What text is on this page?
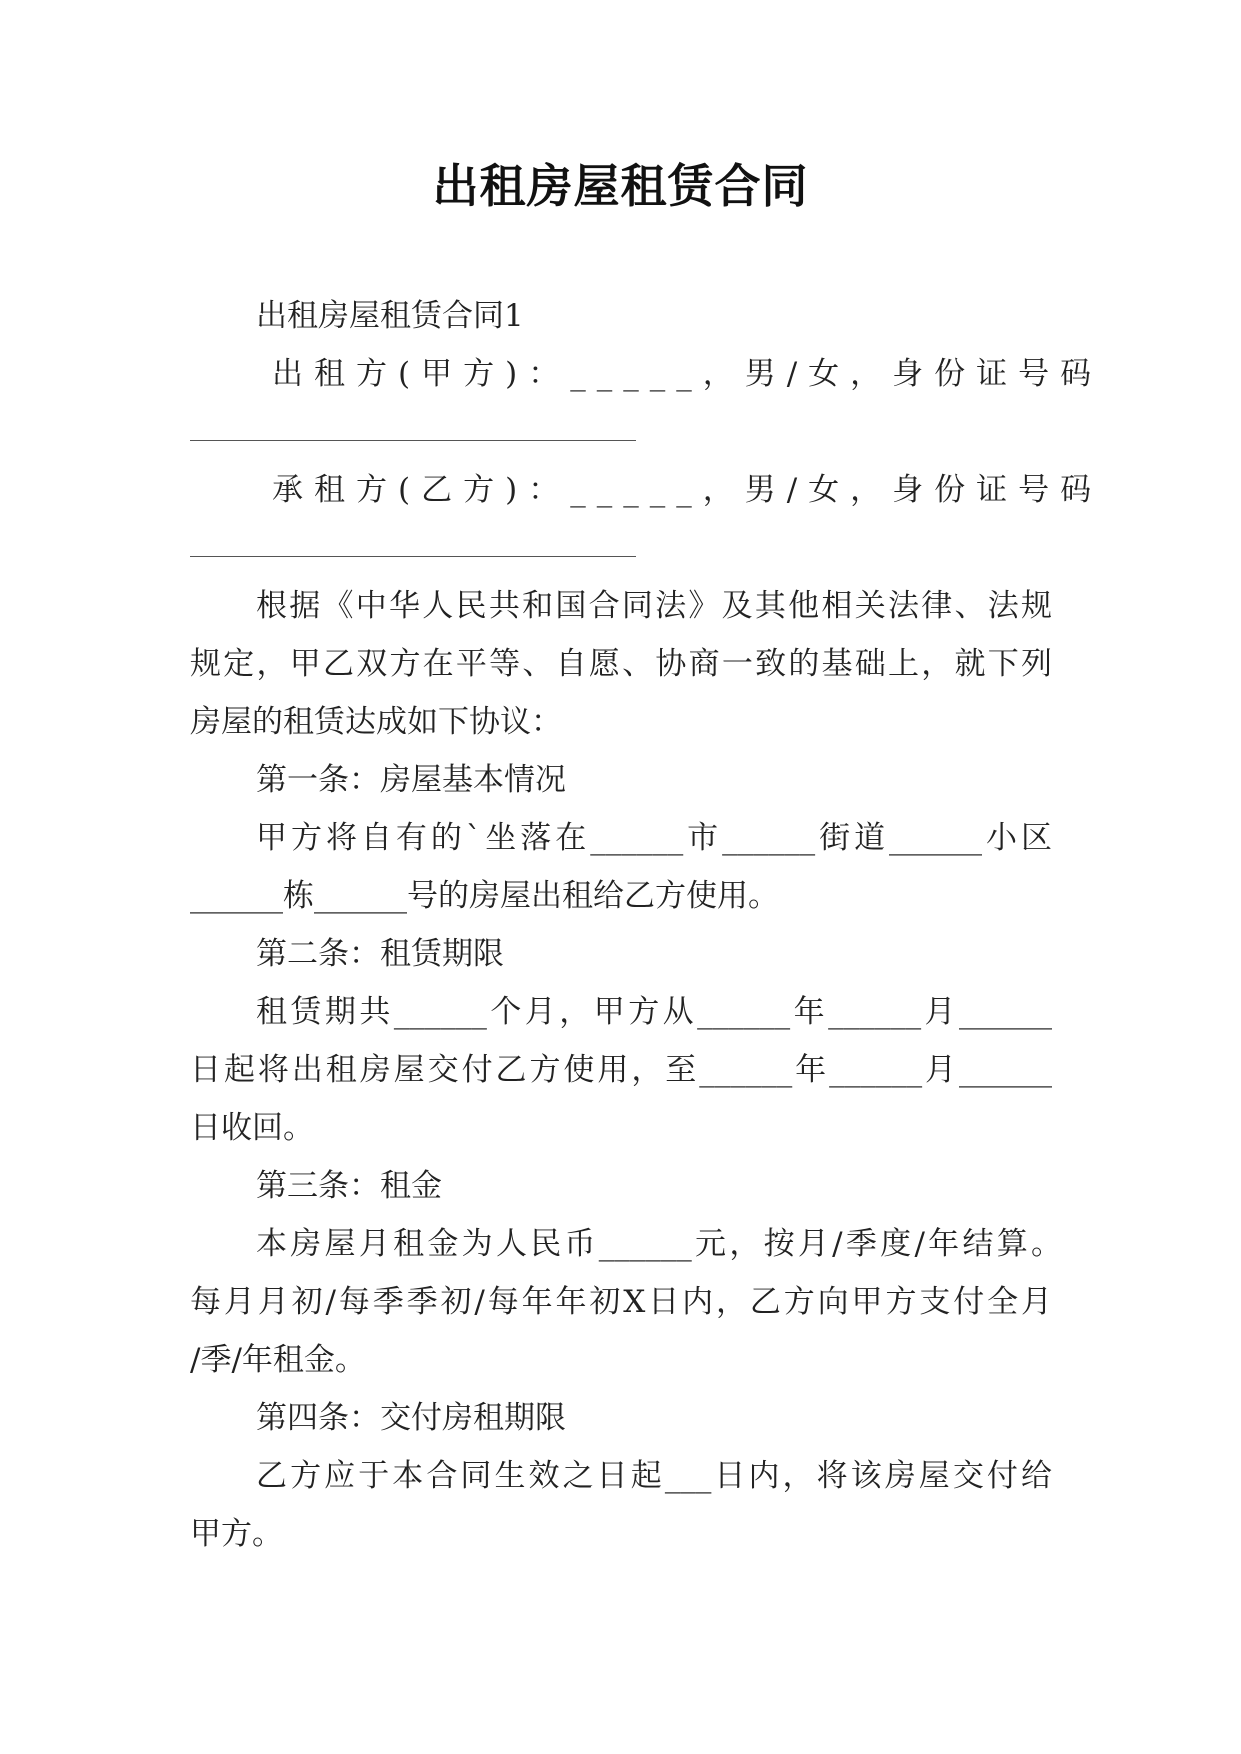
出租房屋租赁合同
出租房屋租赁合同1
出租方(甲方)：_____，男/女，身份证号码
承租方(乙方)：_____，男/女，身份证号码
根据《中华人民共和国合同法》及其他相关法律、法规
规定，甲乙双方在平等、自愿、协商一致的基础上，就下列
房屋的租赁达成如下协议：
第一条：房屋基本情况
甲方将自有的`坐落在______市______街道______小区
______栋______号的房屋出租给乙方使用。
第二条：租赁期限
租赁期共______个月，甲方从______年______月______
日起将出租房屋交付乙方使用，至______年______月______
日收回。
第三条：租金
本房屋月租金为人民币______元，按月/季度/年结算。
每月月初/每季季初/每年年初X日内，乙方向甲方支付全月
/季/年租金。
第四条：交付房租期限
乙方应于本合同生效之日起___日内，将该房屋交付给
甲方。
